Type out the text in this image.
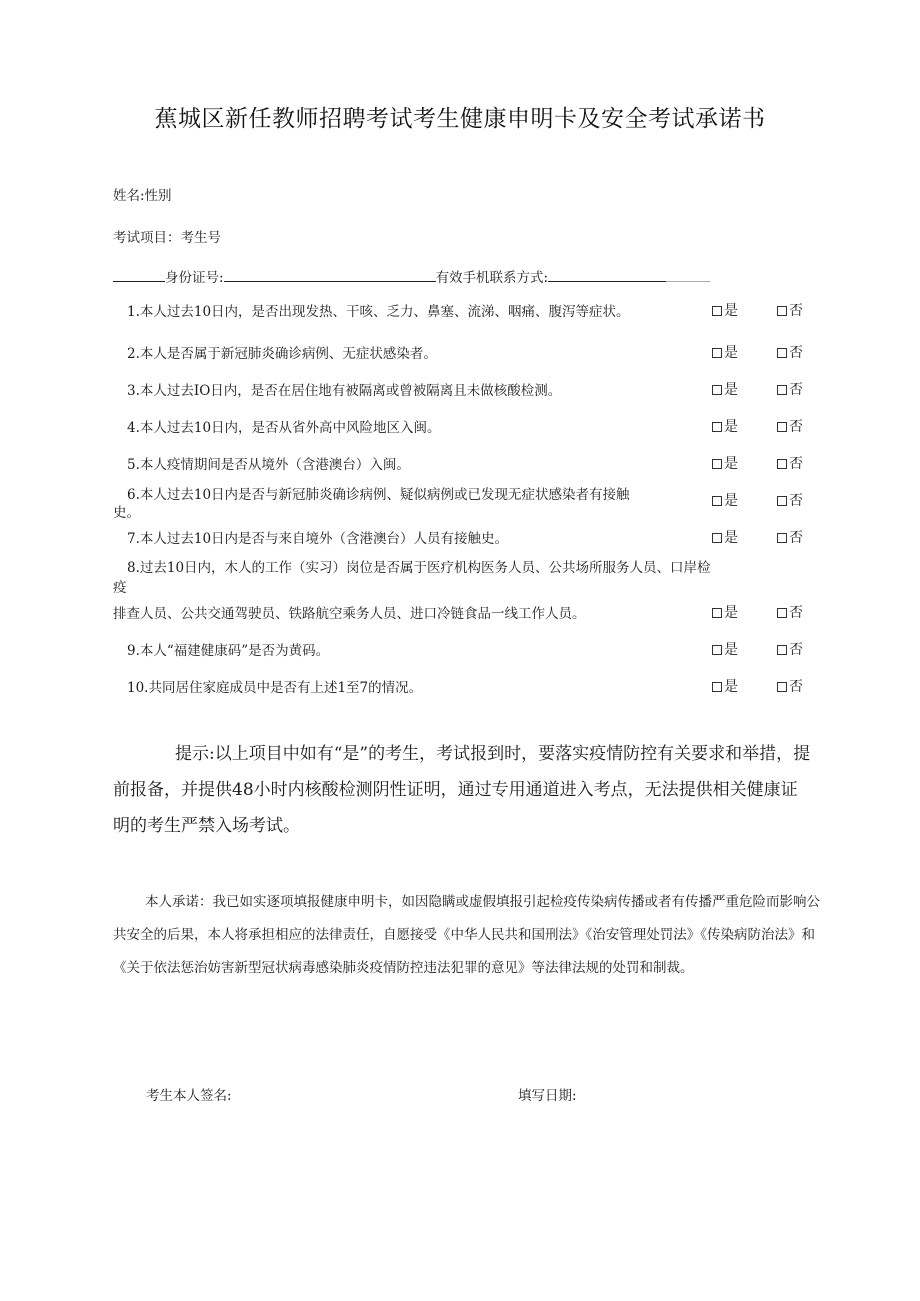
蕉城区新任教师招聘考试考生健康申明卡及安全考试承诺书
姓名:性别
考试项目：考生号
身份证号:	有效手机联系方式:
1.本人过去10日内，是否出现发热、干咳、乏力、鼻塞、流涕、咽痛、腹泻等症状。	是	否
2.本人是否属于新冠肺炎确诊病例、无症状感染者。	是	否
3.本人过去IO日内，是否在居住地有被隔离或曾被隔离且未做核酸检测。	是	否
4.本人过去10日内，是否从省外高中风险地区入闽。	是	否
5.本人疫情期间是否从境外（含港澳台）入闽。	是	否
6.本人过去10日内是否与新冠肺炎确诊病例、疑似病例或已发现无症状感染者有接触
史。
是	否
7.本人过去10日内是否与来自境外（含港澳台）人员有接触史。	是	否
8.过去10日内，木人的工作（实习）岗位是否属于医疗机构医务人员、公共场所服务人员、口岸检
疫
排查人员、公共交通驾驶员、铁路航空乘务人员、进口冷链食品一线工作人员。	是	否
9.本人“福建健康码”是否为黄码。	是	否
10.共同居住家庭成员中是否有上述1至7的情况。	是	否
提示:以上项目中如有“是”的考生，考试报到时，要落实疫情防控有关要求和举措，提前报备，并提供48小时内核酸检测阴性证明，通过专用通道进入考点，无法提供相关健康证明的考生严禁入场考试。
本人承诺：我已如实逐项填报健康申明卡，如因隐瞒或虚假填报引起检疫传染病传播或者有传播严重危险而影响公共安全的后果，本人将承担相应的法律责任，自愿接受《中华人民共和国刑法》《治安管理处罚法》《传染病防治法》和《关于依法惩治妨害新型冠状病毒感染肺炎疫情防控违法犯罪的意见》等法律法规的处罚和制裁。
考生本人签名:	填写日期:
